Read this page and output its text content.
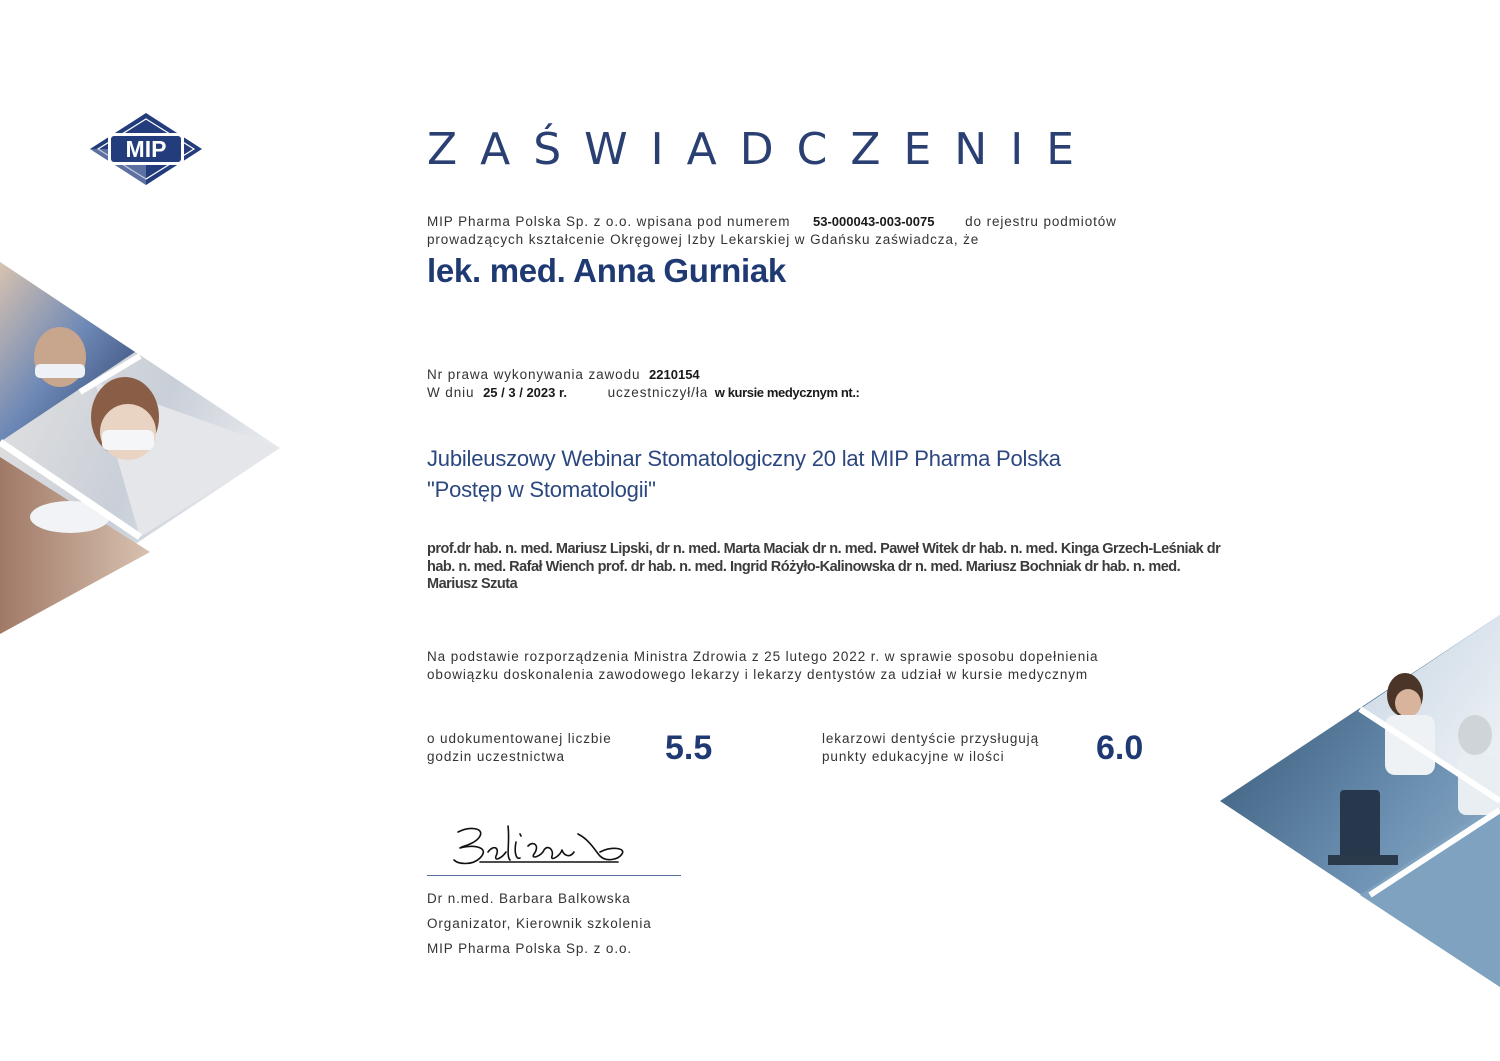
MIP	ZAŚWIADCZENIE
MIP Pharma Polska Sp. z o.o. wpisana pod numerem 53-000043-003-0075 do rejestru podmiotów
prowadzących kształcenie Okręgowej Izby Lekarskiej w Gdańsku zaświadcza, że
lek. med. Anna Gurniak
Nr prawa wykonywania zawodu 2210154
W dniu 25 / 3 / 2023 r.	uczestniczył/ła w kursie medycznym nt.:
Jubileuszowy Webinar Stomatologiczny 20 lat MIP Pharma Polska
"Postęp w Stomatologii"
prof.dr hab. n. med. Mariusz Lipski, dr n. med. Marta Maciak dr n. med. Paweł Witek dr hab. n. med. Kinga Grzech-Leśniak dr hab. n. med. Rafał Wiench prof. dr hab. n. med. Ingrid Różyło-Kalinowska dr n. med. Mariusz Bochniak dr hab. n. med. Mariusz Szuta
Na podstawie rozporządzenia Ministra Zdrowia z 25 lutego 2022 r. w sprawie sposobu dopełnienia
obowiązku doskonalenia zawodowego lekarzy i lekarzy dentystów za udział w kursie medycznym
o udokumentowanej liczbie
godzin uczestnictwa	5.5	lekarzowi dentyście przysługują
punkty edukacyjne w ilości	6.0
Dr n.med. Barbara Balkowska
Organizator, Kierownik szkolenia
MIP Pharma Polska Sp. z o.o.
